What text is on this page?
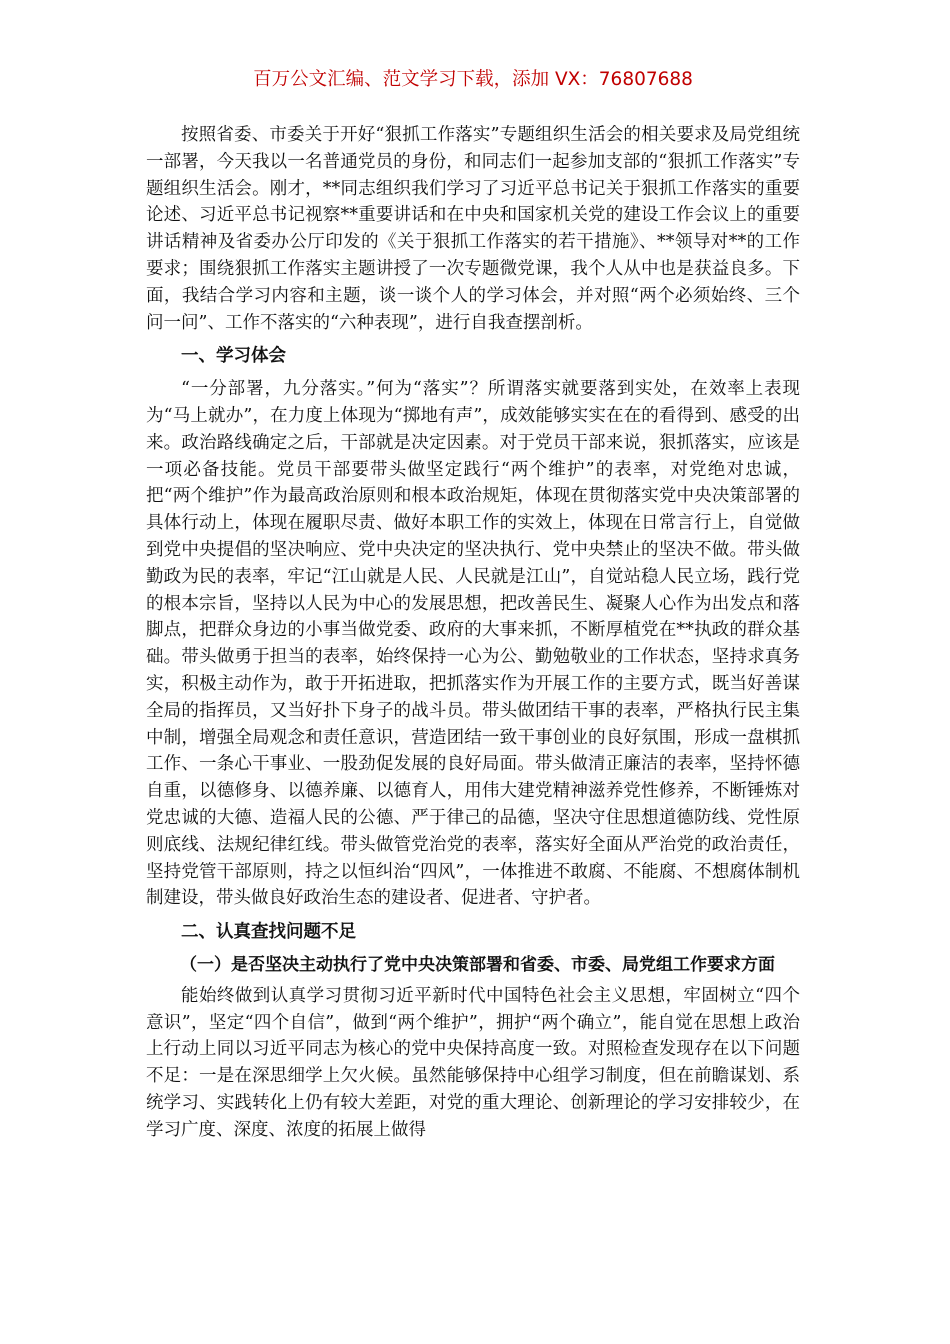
百万公文汇编、范文学习下载，添加 VX：76807688

按照省委、市委关于开好“狠抓工作落实”专题组织生活会的相关要求及局党组统一部署，今天我以一名普通党员的身份，和同志们一起参加支部的“狠抓工作落实”专题组织生活会。刚才，**同志组织我们学习了习近平总书记关于狠抓工作落实的重要论述、习近平总书记视察**重要讲话和在中央和国家机关党的建设工作会议上的重要讲话精神及省委办公厅印发的《关于狠抓工作落实的若干措施》、**领导对**的工作要求；围绕狠抓工作落实主题讲授了一次专题微党课，我个人从中也是获益良多。下面，我结合学习内容和主题，谈一谈个人的学习体会，并对照“两个必须始终、三个问一问”、工作不落实的“六种表现”，进行自我查摆剖析。

一、学习体会

“一分部署，九分落实。”何为“落实”？所谓落实就要落到实处，在效率上表现为“马上就办”，在力度上体现为“掷地有声”，成效能够实实在在的看得到、感受的出来。政治路线确定之后，干部就是决定因素。对于党员干部来说，狠抓落实，应该是一项必备技能。党员干部要带头做坚定践行“两个维护”的表率，对党绝对忠诚，把“两个维护”作为最高政治原则和根本政治规矩，体现在贯彻落实党中央决策部署的具体行动上，体现在履职尽责、做好本职工作的实效上，体现在日常言行上，自觉做到党中央提倡的坚决响应、党中央决定的坚决执行、党中央禁止的坚决不做。带头做勤政为民的表率，牢记“江山就是人民、人民就是江山”，自觉站稳人民立场，践行党的根本宗旨，坚持以人民为中心的发展思想，把改善民生、凝聚人心作为出发点和落脚点，把群众身边的小事当做党委、政府的大事来抓，不断厚植党在**执政的群众基础。带头做勇于担当的表率，始终保持一心为公、勤勉敬业的工作状态，坚持求真务实，积极主动作为，敢于开拓进取，把抓落实作为开展工作的主要方式，既当好善谋全局的指挥员，又当好扑下身子的战斗员。带头做团结干事的表率，严格执行民主集中制，增强全局观念和责任意识，营造团结一致干事创业的良好氛围，形成一盘棋抓工作、一条心干事业、一股劲促发展的良好局面。带头做清正廉洁的表率，坚持怀德自重，以德修身、以德养廉、以德育人，用伟大建党精神滋养党性修养，不断锤炼对党忠诚的大德、造福人民的公德、严于律己的品德，坚决守住思想道德防线、党性原则底线、法规纪律红线。带头做管党治党的表率，落实好全面从严治党的政治责任，坚持党管干部原则，持之以恒纠治“四风”，一体推进不敢腐、不能腐、不想腐体制机制建设，带头做良好政治生态的建设者、促进者、守护者。

二、认真查找问题不足
（一）是否坚决主动执行了党中央决策部署和省委、市委、局党组工作要求方面

能始终做到认真学习贯彻习近平新时代中国特色社会主义思想，牢固树立“四个意识”，坚定“四个自信”，做到“两个维护”，拥护“两个确立”，能自觉在思想上政治上行动上同以习近平同志为核心的党中央保持高度一致。对照检查发现存在以下问题不足：一是在深思细学上欠火候。虽然能够保持中心组学习制度，但在前瞻谋划、系统学习、实践转化上仍有较大差距，对党的重大理论、创新理论的学习安排较少，在学习广度、深度、浓度的拓展上做得
